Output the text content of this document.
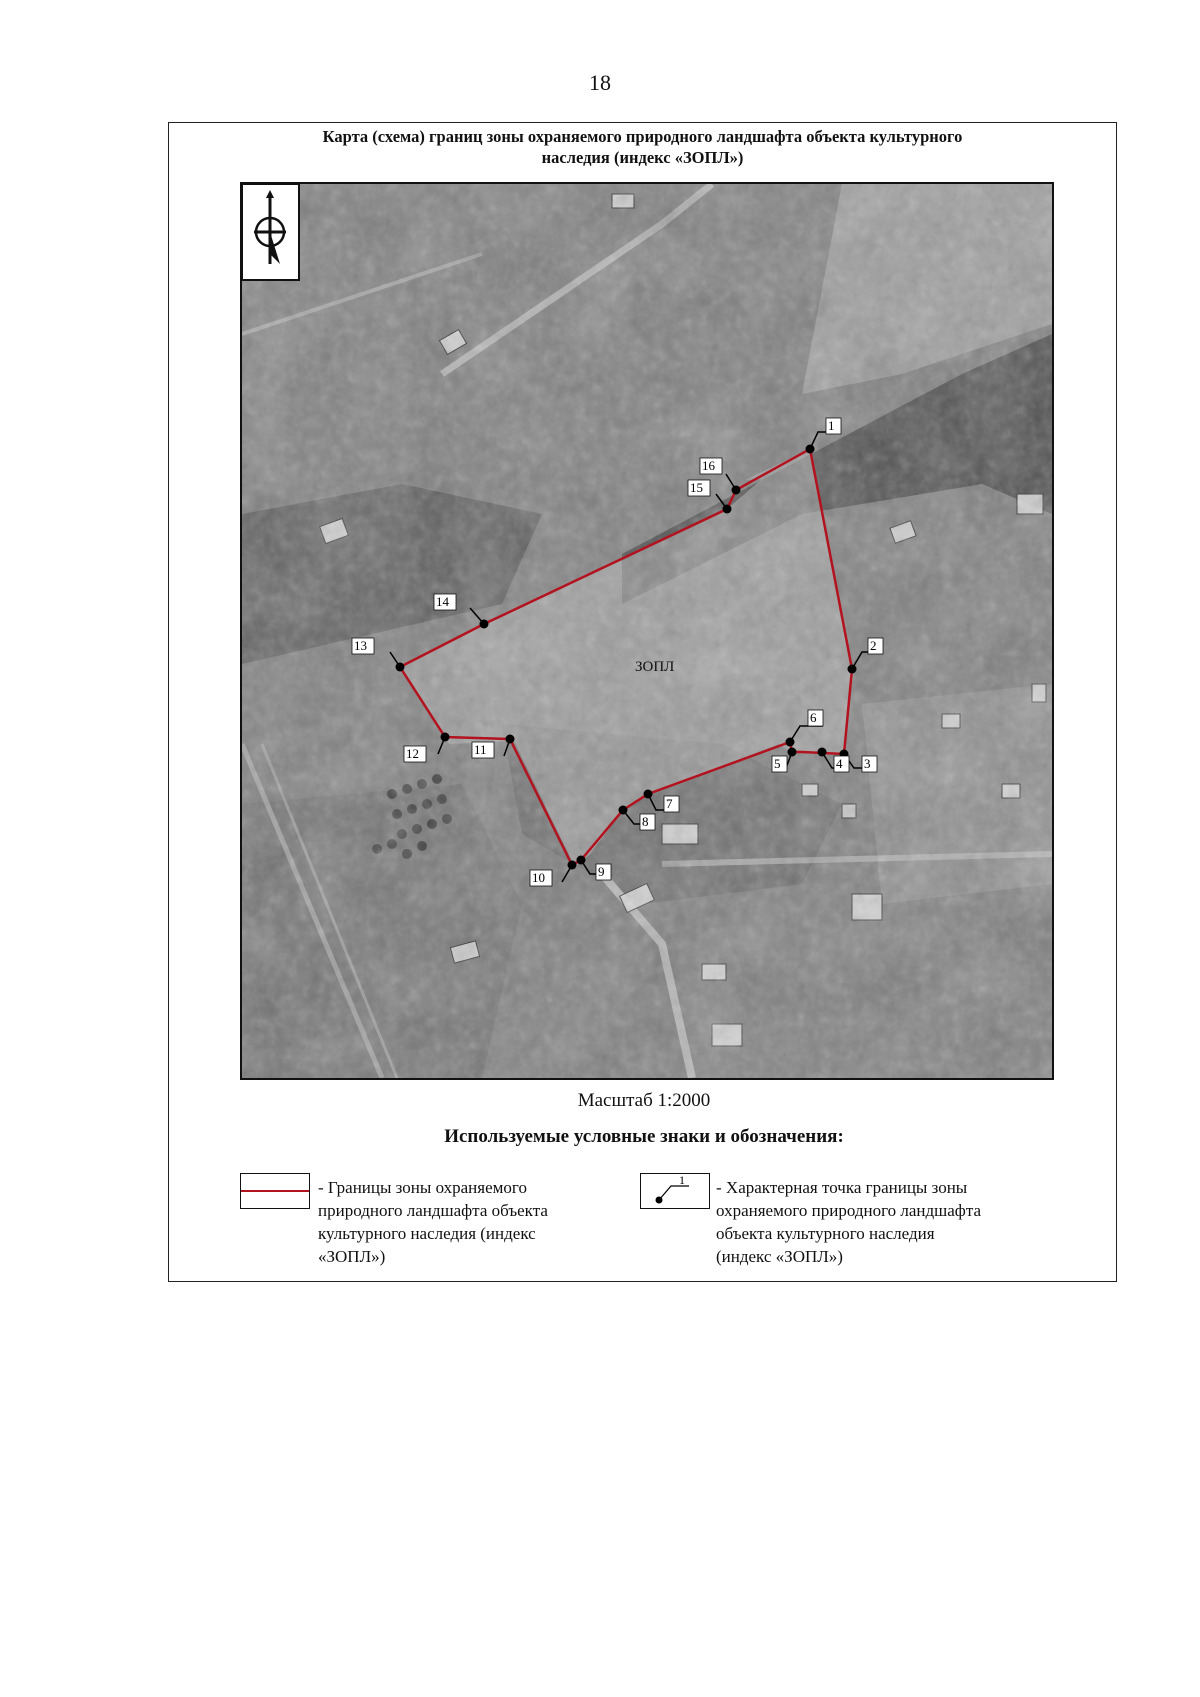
18
Карта (схема) границ зоны охраняемого природного ландшафта объекта культурного
наследия (индекс «ЗОПЛ»)
ЗОПЛ
1
2
3
4
5
6
7
8
9
10
11
12
13
14
15
16
Масштаб 1:2000
Используемые условные знаки и обозначения:
- Границы зоны охраняемого
природного ландшафта объекта
культурного наследия (индекс
«ЗОПЛ»)
1 - Характерная точка границы зоны
охраняемого природного ландшафта
объекта культурного наследия
(индекс «ЗОПЛ»)
